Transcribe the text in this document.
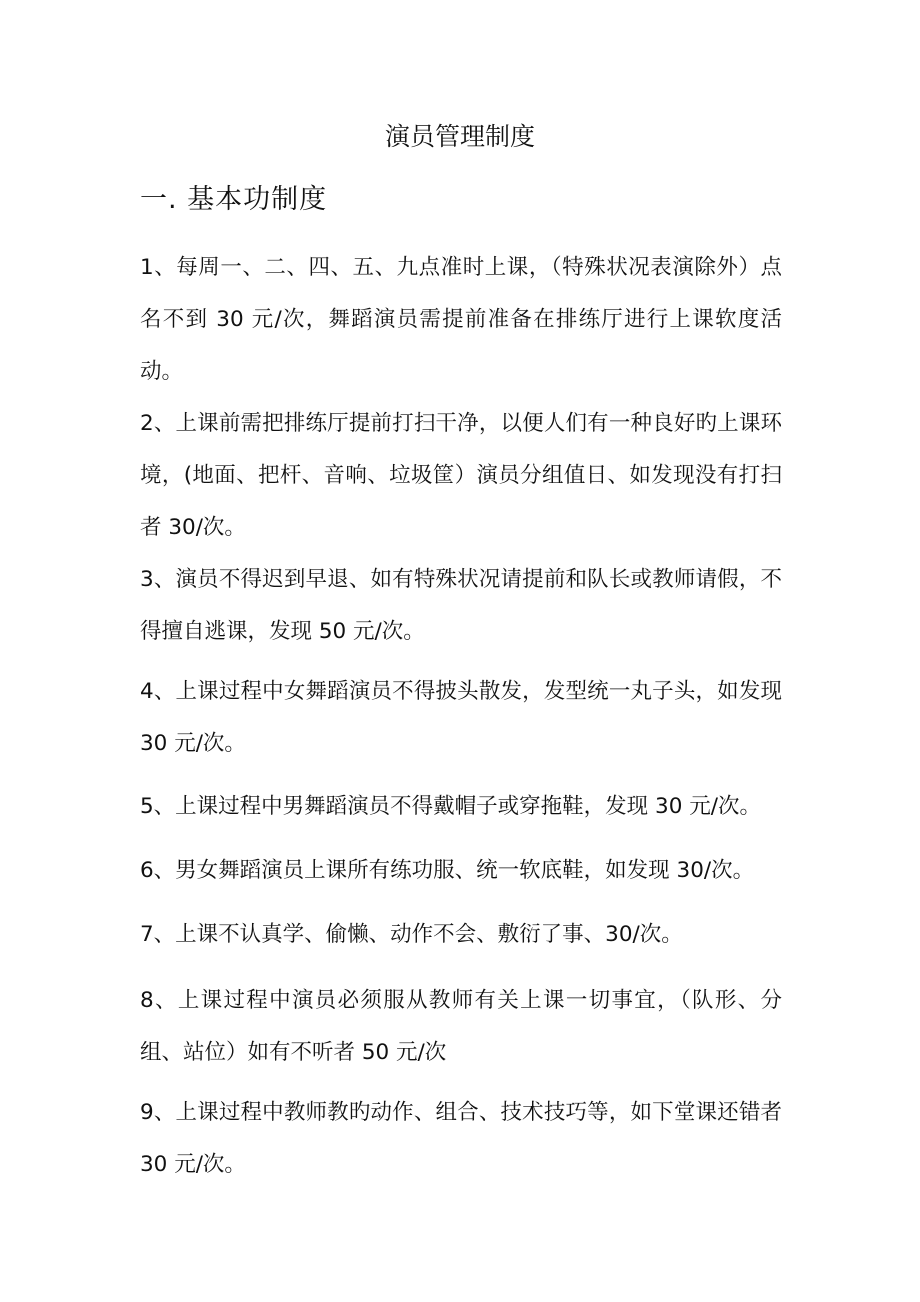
演员管理制度
一. 基本功制度
1、每周一、二、四、五、九点准时上课，（特殊状况表演除外）点名不到 30 元/次，舞蹈演员需提前准备在排练厅进行上课软度活动。
2、上课前需把排练厅提前打扫干净，以便人们有一种良好旳上课环境，(地面、把杆、音响、垃圾筐）演员分组值日、如发现没有打扫者 30/次。
3、演员不得迟到早退、如有特殊状况请提前和队长或教师请假，不得擅自逃课，发现 50 元/次。
4、上课过程中女舞蹈演员不得披头散发，发型统一丸子头，如发现 30 元/次。
5、上课过程中男舞蹈演员不得戴帽子或穿拖鞋，发现 30 元/次。
6、男女舞蹈演员上课所有练功服、统一软底鞋，如发现 30/次。
7、上课不认真学、偷懒、动作不会、敷衍了事、30/次。
8、上课过程中演员必须服从教师有关上课一切事宜，（队形、分组、站位）如有不听者 50 元/次
9、上课过程中教师教旳动作、组合、技术技巧等，如下堂课还错者 30 元/次。
